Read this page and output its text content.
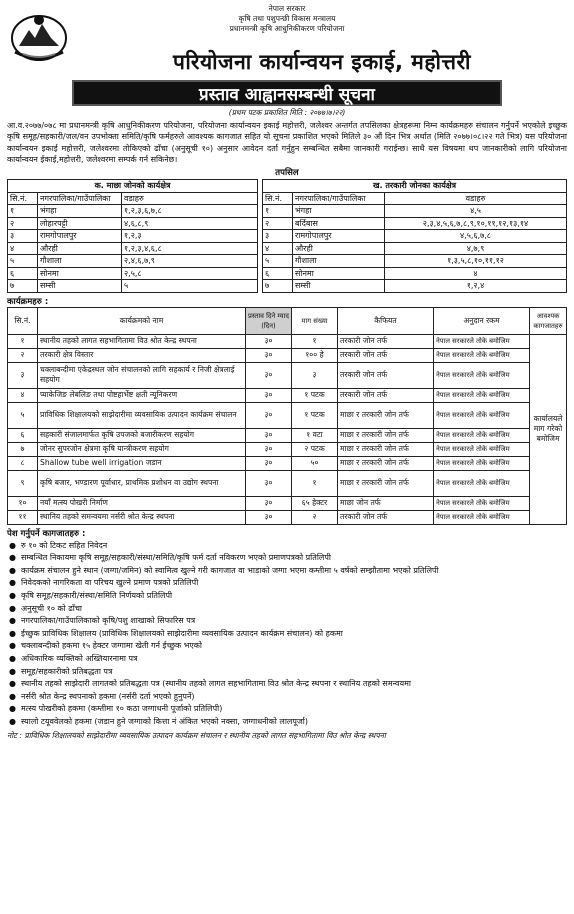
नेपाल सरकार
कृषि तथा पशुपन्छी विकास मन्त्रालय
प्रधानमन्त्री कृषि आधुनिकीकरण परियोजना
परियोजना कार्यान्वयन इकाई, महोत्तरी
प्रस्ताव आह्वानसम्बन्धी सूचना
(प्रथम पटक प्रकाशित मिति : २०७७।७।२२)
आ.व.२०७७/०७८ मा प्रधानमन्त्री कृषि आधुनिकीकरण परियोजना, परियोजना कार्यान्वयन इकाई महोत्तरी, जलेश्वर अन्तर्गत तपसिलका क्षेत्रहरूमा निम्न कार्यक्रमहरु संचालन गर्नुपर्ने भएकोले इच्छुक कृषि समूह/सहकारी/जल/वन उपभोक्ता समिति/कृषि फर्महरुले आवश्यक कागजात सहित यो सूचना प्रकाशित भएको मितिले ३० औं दिन भित्र अर्थात (मिति २०७७।०८।२२ गते भित्र) यस परियोजना कार्यान्वयन इकाई महोत्तरी, जलेश्वरमा तोकिएको ढाँचा (अनुसूची १०) अनुसार आवेदन दर्ता गर्नुहुन सम्बन्धित सबैमा जानकारी गराईन्छ। साथै यस विषयमा थप जानकारीको लागि परियोजना कार्यान्वयन ईकाई,महोत्तरी, जलेश्वरमा सम्पर्क गर्न सकिनेछ।
तपसिल
क. माछा जोनको कार्यक्षेत्र				ख. तरकारी जोनका कार्यक्षेत्र		
सि.नं.	नगरपालिका/गाउँपालिका	वडाहरु		सि.नं.	नगरपालिका/गाउँपालिका	वडाहरु
१	भंगहा	१,२,३,६,७,८		१	भंगहा	४,५
२	लोहारपट्टी	४,६,८,९		२	बर्दिबास	२,३,४,५,६,७,८,९,१०,११,१२,१३,१४
३	रामगोपालपुर	१,२,३		३	रामगोपालपुर	४,५,६,७,८
४	औरही	१,२,३,४,६,८		४	औरही	४,७,९
५	गौशाला	२,४,६,७,९		५	गौशाला	१,३,५,८,१०,११,१२
६	सोनमा	२,५,८		६	सोनमा	४
७	सम्सी	५		७	सम्सी	१,२,४
कार्यक्रमहरु :
सि.नं.	कार्यक्रमको नाम	प्रस्ताव दिने म्याद (दिन)	माग संख्या	कैफियत	अनुदान रकम	आवश्यक कागजातहरु
१	स्थानीय तहको लागत सहभागितामा विउ श्रोत केन्द्र स्थपना	३०	१	तरकारी जोन तर्फ	नेपाल सरकारले तोके बमोजिम	कार्यालयले माग गरेको बमोजिम
२	तरकारी क्षेत्र विस्तार	३०	१०० हे	तरकारी जोन तर्फ	नेपाल सरकारले तोके बमोजिम	
३	चक्लाबन्दीमा एकेद्रस्थल जोन संचालनको लागि सहकार्य र निजी क्षेत्रलाई सहयोग	३०	३	तरकारी जोन तर्फ	नेपाल सरकारले तोके बमोजिम	
४	प्याकेजिङ लेबलिङ तथा पोष्टहार्भेष्ट क्षती न्यूनिकरण	३०	१ पटक	तरकारी जोन तर्फ	नेपाल सरकारले तोके बमोजिम	
५	प्राविधिक शिक्षालयको साझेदारीमा व्यवसायिक उत्पादन कार्यक्रम संचालन	३०	१ पटक	माछा र तरकारी जोन तर्फ	नेपाल सरकारले तोके बमोजिम	
६	सहकारी संजालमार्फत कृषि उपजको बजारीकरण सहयोग	३०	१ वटा	माछा र तरकारी जोन तर्फ	नेपाल सरकारले तोके बमोजिम	
७	जोनर सुपरजोन क्षेत्रमा कृषि यान्त्रीकरण सहयोग	३०	२ पटक	माछा र तरकारी जोन तर्फ	नेपाल सरकारले तोके बमोजिम	
८	Shallow tube well irrigation जडान	३०	५०	माछा र तरकारी जोन तर्फ	नेपाल सरकारले तोके बमोजिम	
९	कृषि बजार, भण्डारण पूर्वाधार, प्राथमिक प्रशोधन वा उद्योग स्थपना	३०	१	माछा र तरकारी जोन तर्फ	नेपाल सरकारले तोके बमोजिम	
१०	नयाँ मत्स्य पोखरी निर्माण	३०	६५ हेक्टर	माछा जोन तर्फ	नेपाल सरकारले तोके बमोजिम	
११	स्थानिय तहको समन्वयमा नर्सरी श्रोत केन्द्र स्थपना	३०	२	तरकारी जोन तर्फ	नेपाल सरकारले तोके बमोजिम	
पेश गर्नुपर्ने कागजातहरु :
● रु १० को टिकट सहित निवेदन
● सम्बन्धित निकायमा कृषि समूह/सहकारी/संस्था/समिति/कृषि फर्म दर्ता नविकरण भएको प्रमाणपत्रको प्रतिलिपी
● कार्यक्रम संचालन हुने स्थान (जग्गा/जमिन) को स्वामित्व खुल्ने गरी कागजात वा भाडाको जग्गा भएमा कम्तीमा ५ वर्षको सम्झौतामा भएको प्रतिलिपी
● निवेदकको नागरिकता वा परिचय खुल्ने प्रमाण पत्रको प्रतिलिपी
● कृषि समूह/सहकारी/संस्था/समिति निर्णयको प्रतिलिपी
● अनुसूची १० को ढाँचा
● नगरपालिका/गाउँपालिकाको कृषि/पशु शाखाको सिफारिस पत्र
● ईच्छुक प्राविधिक शिक्षालय (प्राविधिक शिक्षालयको साझेदारीमा व्यवसायिक उत्पादन कार्यक्रम संचालन) को हकमा
● चक्लाबन्दीको हकमा १५ हेक्टर जग्गामा खेती गर्न ईच्छुक भएको
● अधिकारिक व्यक्तिको अख्तियारनामा पत्र
● समूह/सहकारीको प्रतिबद्धता पत्र
● स्थानीय तहको साझेदारी लागतको प्रतिबद्धता पत्र (स्थानीय तहको लागत सहभागितामा विउ श्रोत केन्द्र स्थपना र स्थानिय तहको समन्वयमा
● नर्सरी श्रोत केन्द्र स्थपनाको हकमा (नर्सरी दर्ता भएको हुनुपर्ने)
● मत्स्य पोखरीको हकमा (कम्तीमा १० कठा जग्गाधनी पूर्जाको प्रतिलिपी)
● स्यालो टयूववेलको हकमा (जडान हुने जग्गाको कित्ता नं अंकित भएको नक्सा, जग्गाधनीको लालपूर्जा)
नोट : प्राविधिक शिक्षालयको साझेदारीमा व्यवसायिक उत्पादन कार्यक्रम संचालन र स्थानीय तहको लागत सहभागितामा विउ श्रोत केन्द्र स्थपना
